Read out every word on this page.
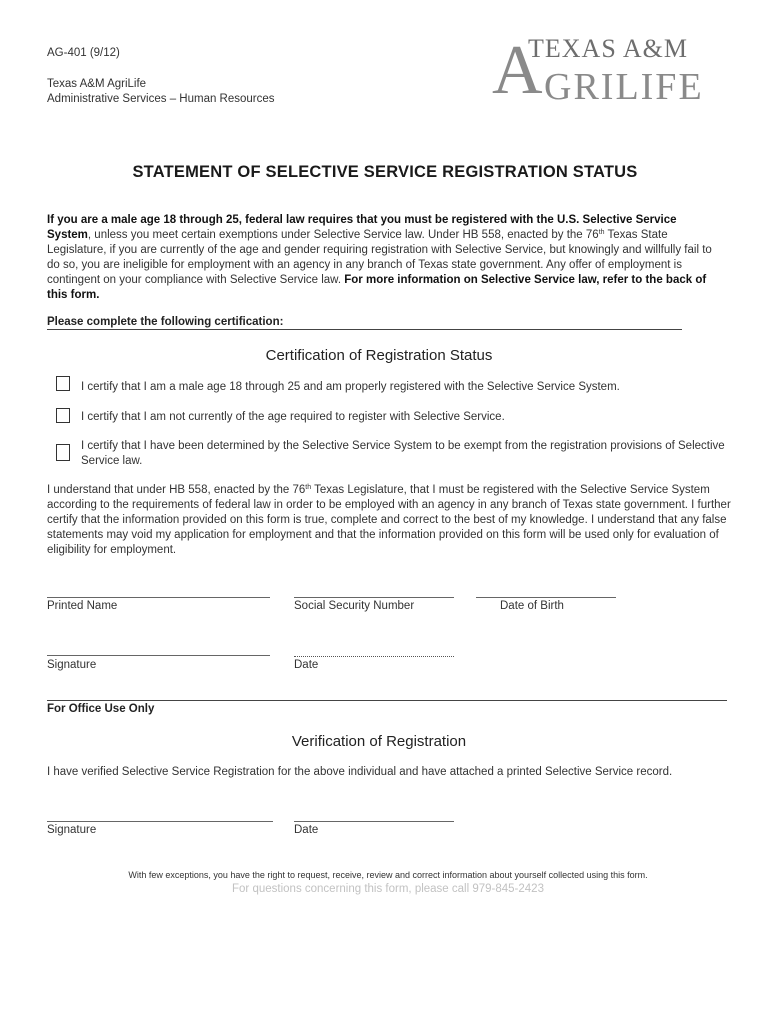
AG-401 (9/12)
Texas A&M AgriLife
Administrative Services – Human Resources	A
TEXAS A&M
GRILIFE
STATEMENT OF SELECTIVE SERVICE REGISTRATION STATUS
If you are a male age 18 through 25, federal law requires that you must be registered with the U.S. Selective Service System, unless you meet certain exemptions under Selective Service law. Under HB 558, enacted by the 76th Texas State Legislature, if you are currently of the age and gender requiring registration with Selective Service, but knowingly and willfully fail to do so, you are ineligible for employment with an agency in any branch of Texas state government. Any offer of employment is contingent on your compliance with Selective Service law. For more information on Selective Service law, refer to the back of this form.
Please complete the following certification:
Certification of Registration Status
I certify that I am a male age 18 through 25 and am properly registered with the Selective Service System.
I certify that I am not currently of the age required to register with Selective Service.
I certify that I have been determined by the Selective Service System to be exempt from the registration provisions of Selective Service law.
I understand that under HB 558, enacted by the 76th Texas Legislature, that I must be registered with the Selective Service System according to the requirements of federal law in order to be employed with an agency in any branch of Texas state government. I further certify that the information provided on this form is true, complete and correct to the best of my knowledge. I understand that any false statements may void my application for employment and that the information provided on this form will be used only for evaluation of eligibility for employment.
Printed Name	Social Security Number	Date of Birth
Signature	Date
For Office Use Only
Verification of Registration
I have verified Selective Service Registration for the above individual and have attached a printed Selective Service record.
Signature	Date
With few exceptions, you have the right to request, receive, review and correct information about yourself collected using this form.
For questions concerning this form, please call 979-845-2423
